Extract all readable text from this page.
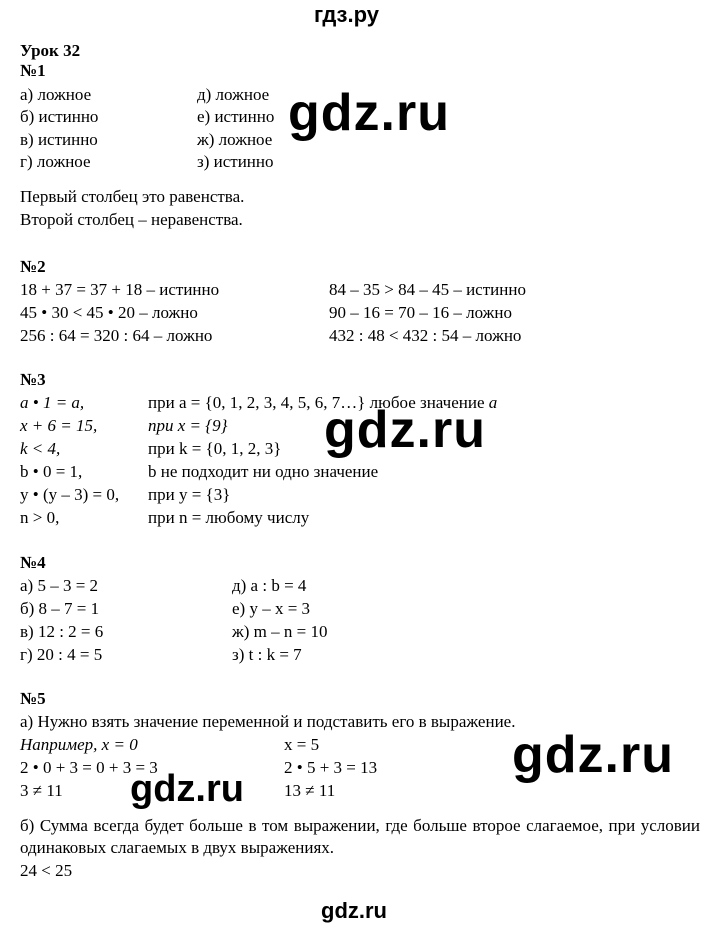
гдз.ру
Урок 32
№1
а) ложное
б) истинно
в) истинно
г) ложное
д) ложное
е) истинно
ж) ложное
з) истинно
Первый столбец это равенства.
Второй столбец – неравенства.
№2
18 + 37 = 37 + 18 – истинно
45 • 30 < 45 • 20 – ложно
256 : 64 = 320 : 64 – ложно
84 – 35 > 84 – 45 – истинно
90 – 16 = 70 – 16 – ложно
432 : 48 < 432 : 54 – ложно
№3
a • 1 = a,
x + 6 = 15,
k < 4,
b • 0 = 1,
y • (y – 3) = 0,
n > 0,
при a = {0, 1, 2, 3, 4, 5, 6, 7…} любое значение a
при x = {9}
при k = {0, 1, 2, 3}
b не подходит ни одно значение
при y = {3}
при n = любому числу
№4
а) 5 – 3 = 2
б) 8 – 7 = 1
в) 12 : 2 = 6
г) 20 : 4 = 5
д) a : b = 4
е) y – x = 3
ж) m – n = 10
з) t : k = 7
№5
а) Нужно взять значение переменной и подставить его в выражение.
Например, x = 0
2 • 0 + 3 = 0 + 3 = 3
3 ≠ 11
x = 5
2 • 5 + 3 = 13
13 ≠ 11
б) Сумма всегда будет больше в том выражении, где больше второе слагаемое, при условии одинаковых слагаемых в двух выражениях.
24 < 25
gdz.ru
gdz.ru
gdz.ru
gdz.ru
gdz.ru
